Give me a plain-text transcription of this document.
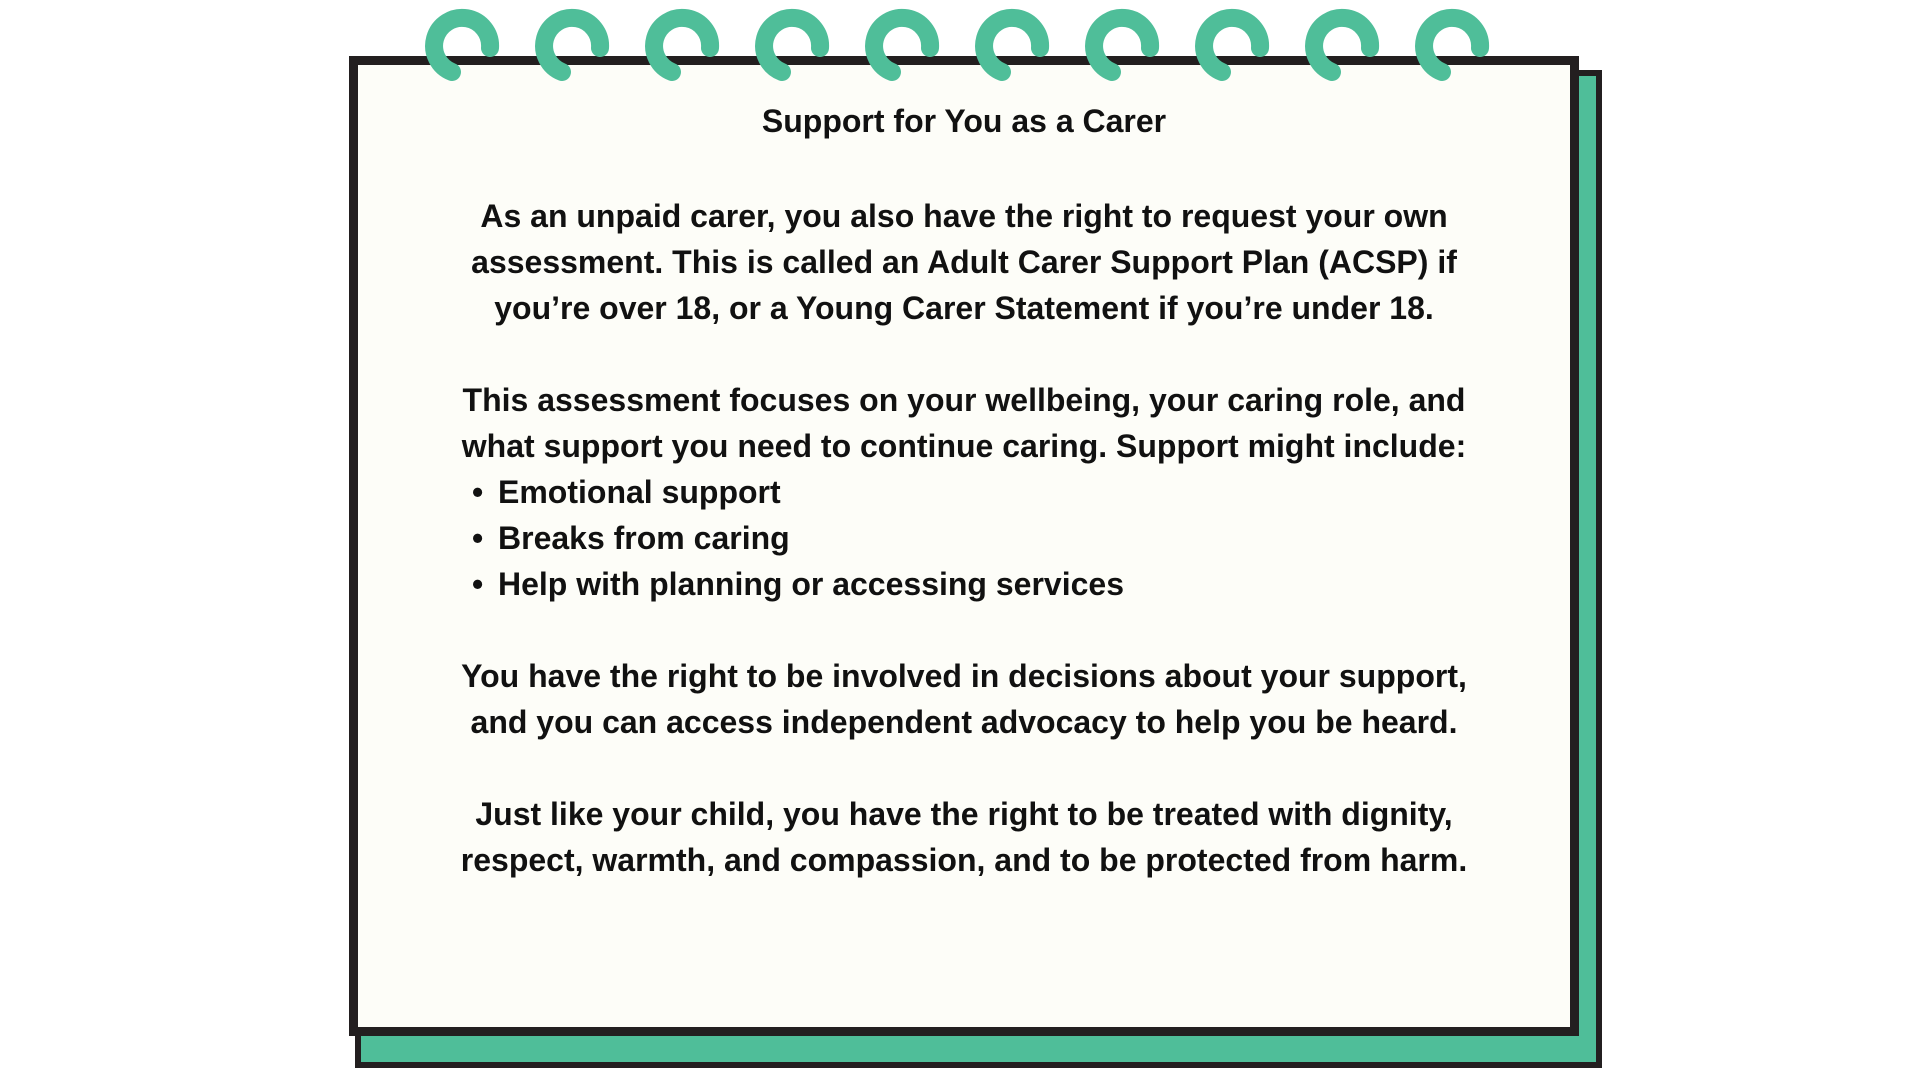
Support for You as a Carer

As an unpaid carer, you also have the right to request your own
assessment. This is called an Adult Carer Support Plan (ACSP) if
you’re over 18, or a Young Carer Statement if you’re under 18.
This assessment focuses on your wellbeing, your caring role, and
what support you need to continue caring. Support might include:
• Emotional support
• Breaks from caring
• Help with planning or accessing services
You have the right to be involved in decisions about your support,
and you can access independent advocacy to help you be heard.
Just like your child, you have the right to be treated with dignity,
respect, warmth, and compassion, and to be protected from harm.
